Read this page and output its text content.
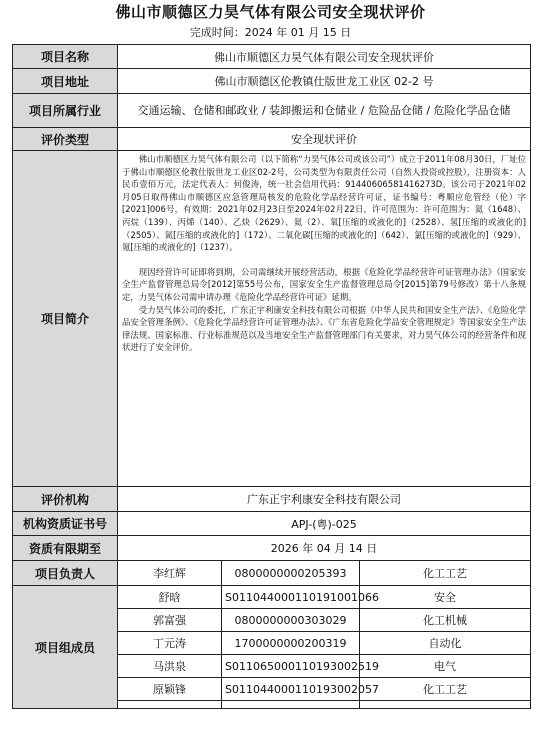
佛山市顺德区力昊气体有限公司安全现状评价
完成时间：2024 年 01 月 15 日
项目名称	佛山市顺德区力昊气体有限公司安全现状评价		
项目地址	佛山市顺德区伦教镇仕版世龙工业区 02-2 号		
项目所属行业	交通运输、仓储和邮政业 / 装卸搬运和仓储业 / 危险品仓储 / 危险化学品仓储		
评价类型	安全现状评价		
项目简介	佛山市顺德区力昊气体有限公司（以下简称“力昊气体公司或该公司”）成立于2011年08月30日，厂址位于佛山市顺德区伦教仕版世龙工业区02-2号，公司类型为有限责任公司（自然人投资或控股），注册资本：人民币壹佰万元，法定代表人：何俊涛，统一社会信用代码：91440606581416273D。该公司于2021年02月05日取得佛山市顺德区应急管理局核发的危险化学品经营许可证，证书编号：粤顺应危管经（伦）字[2021]006号，有效期：2021年02月23日至2024年02月22日，许可范围为：许可范围为：氦（1648）、丙烷（139）、丙烯（140）、乙炔（2629）、氦（2）、氧[压缩的或液化的]（2528）、氢[压缩的或液化的]（2505）、氮[压缩的或液化的]（172）、二氧化碳[压缩的或液化的]（642）、氯[压缩的或液化的]（929）、氪[压缩的或液化的]（1237）。

现因经营许可证即将到期，公司需继续开展经营活动，根据《危险化学品经营许可证管理办法》（国家安全生产监督管理总局令[2012]第55号公布，国家安全生产监督管理总局令[2015]第79号修改）第十八条规定，力昊气体公司需申请办理《危险化学品经营许可证》延期。

受力昊气体公司的委托，广东正宇利康安全科技有限公司根据《中华人民共和国安全生产法》、《危险化学品安全管理条例》、《危险化学品经营许可证管理办法》、《广东省危险化学品安全管理规定》等国家安全生产法律法规、国家标准、行业标准规范以及当地安全生产监督管理部门有关要求，对力昊气体公司的经营条件和现状进行了安全评价。		

评价机构	广东正宇利康安全科技有限公司		
机构资质证书号	APJ-(粤)-025		
资质有限期至	2026 年 04 月 14 日		
项目负责人	李红辉	0800000000205393	化工工艺
项目组成员	舒晗	S011044000110191001066	安全
	郭富强	0800000000303029	化工机械
	丁元涛	1700000000200319	自动化
	马洪泉	S011065000110193002519	电气
	原颖锋	S011044000110193002057	化工工艺
